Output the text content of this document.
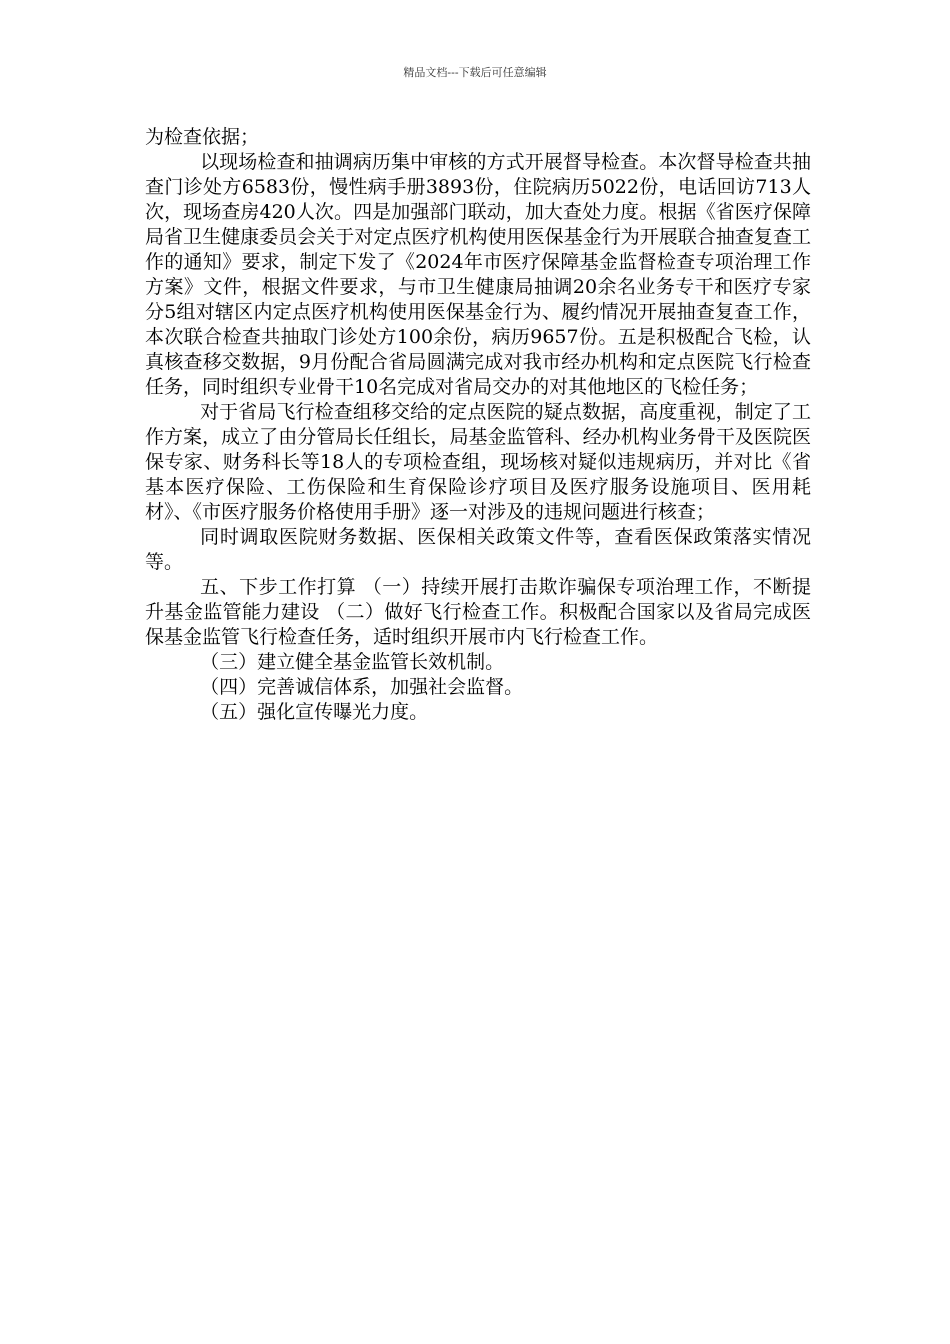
精品文档---下载后可任意编辑

为检查依据；

以现场检查和抽调病历集中审核的方式开展督导检查。本次督导检查共抽查门诊处方6583份，慢性病手册3893份，住院病历5022份，电话回访713人次，现场查房420人次。四是加强部门联动，加大查处力度。根据《省医疗保障局省卫生健康委员会关于对定点医疗机构使用医保基金行为开展联合抽查复查工作的通知》要求，制定下发了《2024年市医疗保障基金监督检查专项治理工作方案》文件，根据文件要求，与市卫生健康局抽调20余名业务专干和医疗专家分5组对辖区内定点医疗机构使用医保基金行为、履约情况开展抽查复查工作，本次联合检查共抽取门诊处方100余份，病历9657份。五是积极配合飞检，认真核查移交数据，9月份配合省局圆满完成对我市经办机构和定点医院飞行检查任务，同时组织专业骨干10名完成对省局交办的对其他地区的飞检任务；

对于省局飞行检查组移交给的定点医院的疑点数据，高度重视，制定了工作方案，成立了由分管局长任组长，局基金监管科、经办机构业务骨干及医院医保专家、财务科长等18人的专项检查组，现场核对疑似违规病历，并对比《省基本医疗保险、工伤保险和生育保险诊疗项目及医疗服务设施项目、医用耗材》、《市医疗服务价格使用手册》逐一对涉及的违规问题进行核查；

同时调取医院财务数据、医保相关政策文件等，查看医保政策落实情况等。

五、下步工作打算 （一）持续开展打击欺诈骗保专项治理工作，不断提升基金监管能力建设 （二）做好飞行检查工作。积极配合国家以及省局完成医保基金监管飞行检查任务，适时组织开展市内飞行检查工作。

（三）建立健全基金监管长效机制。

（四）完善诚信体系，加强社会监督。

（五）强化宣传曝光力度。
